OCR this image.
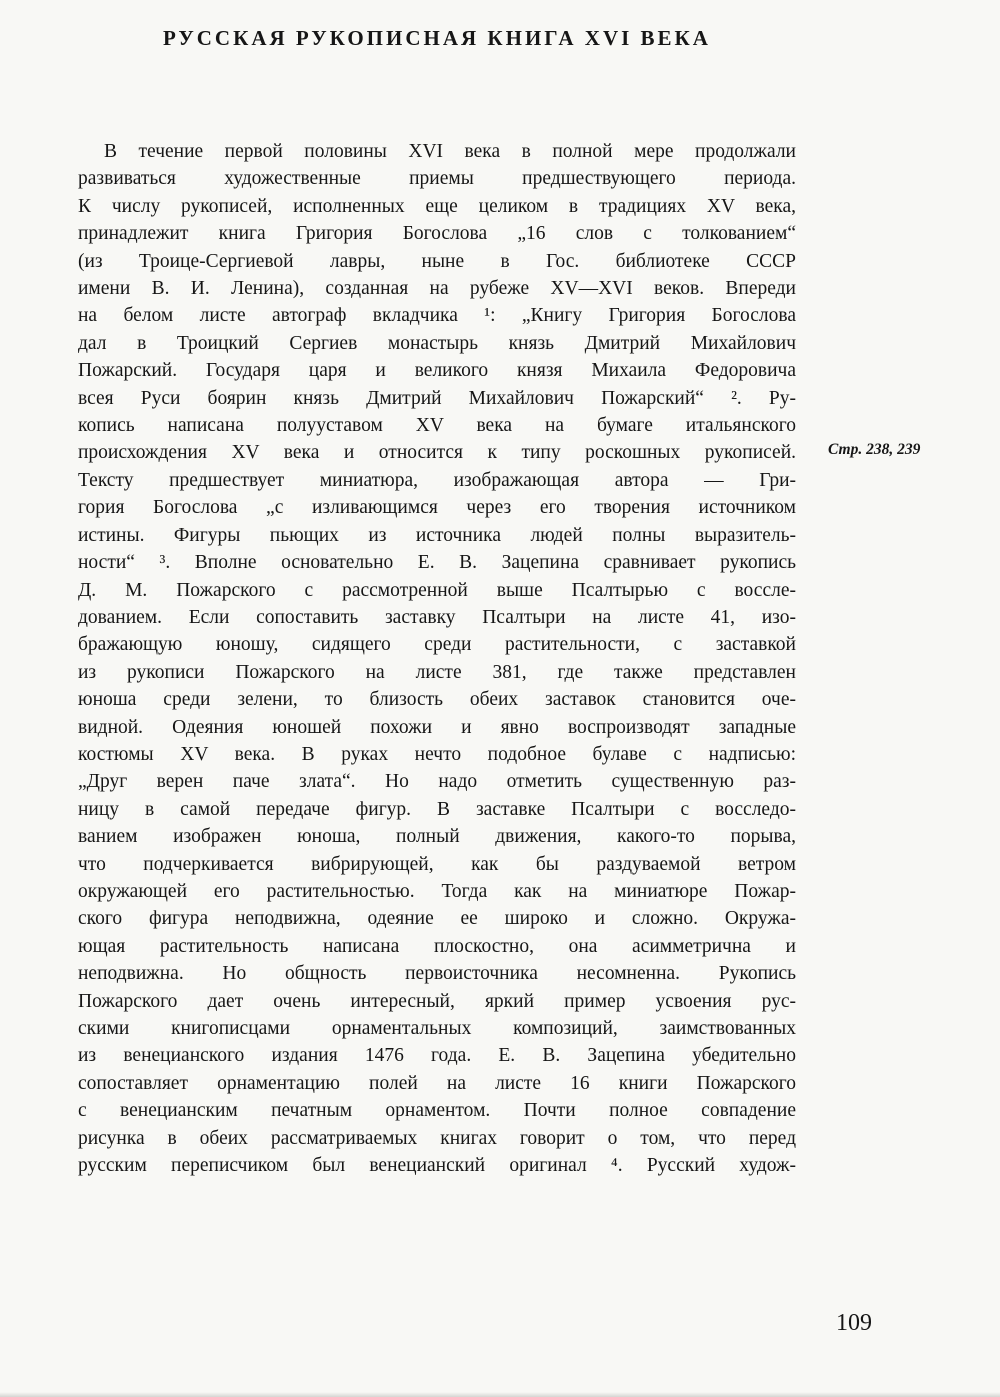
РУССКАЯ РУКОПИСНАЯ КНИГА XVI ВЕКА
В течение первой половины XVI века в полной мере продолжали
развиваться художественные приемы предшествующего периода.
К числу рукописей, исполненных еще целиком в традициях XV века,
принадлежит книга Григория Богослова „16 слов с толкованием“
(из Троице-Сергиевой лавры, ныне в Гос. библиотеке СССР
имени В. И. Ленина), созданная на рубеже XV—XVI веков. Впереди
на белом листе автограф вкладчика ¹: „Книгу Григория Богослова
дал в Троицкий Сергиев монастырь князь Дмитрий Михайлович
Пожарский. Государя царя и великого князя Михаила Федоровича
всея Руси боярин князь Дмитрий Михайлович Пожарский“ ². Ру-
копись написана полууставом XV века на бумаге итальянского
происхождения XV века и относится к типу роскошных рукописей.
Тексту предшествует миниатюра, изображающая автора — Гри-
гория Богослова „с изливающимся через его творения источником
истины. Фигуры пьющих из источника людей полны выразитель-
ности“ ³. Вполне основательно Е. В. Зацепина сравнивает рукопись
Д. М. Пожарского с рассмотренной выше Псалтырью с воссле-
дованием. Если сопоставить заставку Псалтыри на листе 41, изо-
бражающую юношу, сидящего среди растительности, с заставкой
из рукописи Пожарского на листе 381, где также представлен
юноша среди зелени, то близость обеих заставок становится оче-
видной. Одеяния юношей похожи и явно воспроизводят западные
костюмы XV века. В руках нечто подобное булаве с надписью:
„Друг верен паче злата“. Но надо отметить существенную раз-
ницу в самой передаче фигур. В заставке Псалтыри с восследо-
ванием изображен юноша, полный движения, какого-то порыва,
что подчеркивается вибрирующей, как бы раздуваемой ветром
окружающей его растительностью. Тогда как на миниатюре Пожар-
ского фигура неподвижна, одеяние ее широко и сложно. Окружа-
ющая растительность написана плоскостно, она асимметрична и
неподвижна. Но общность первоисточника несомненна. Рукопись
Пожарского дает очень интересный, яркий пример усвоения рус-
скими книгописцами орнаментальных композиций, заимствованных
из венецианского издания 1476 года. Е. В. Зацепина убедительно
сопоставляет орнаментацию полей на листе 16 книги Пожарского
с венецианским печатным орнаментом. Почти полное совпадение
рисунка в обеих рассматриваемых книгах говорит о том, что перед
русским переписчиком был венецианский оригинал ⁴. Русский худож-
Стр. 238, 239
109
